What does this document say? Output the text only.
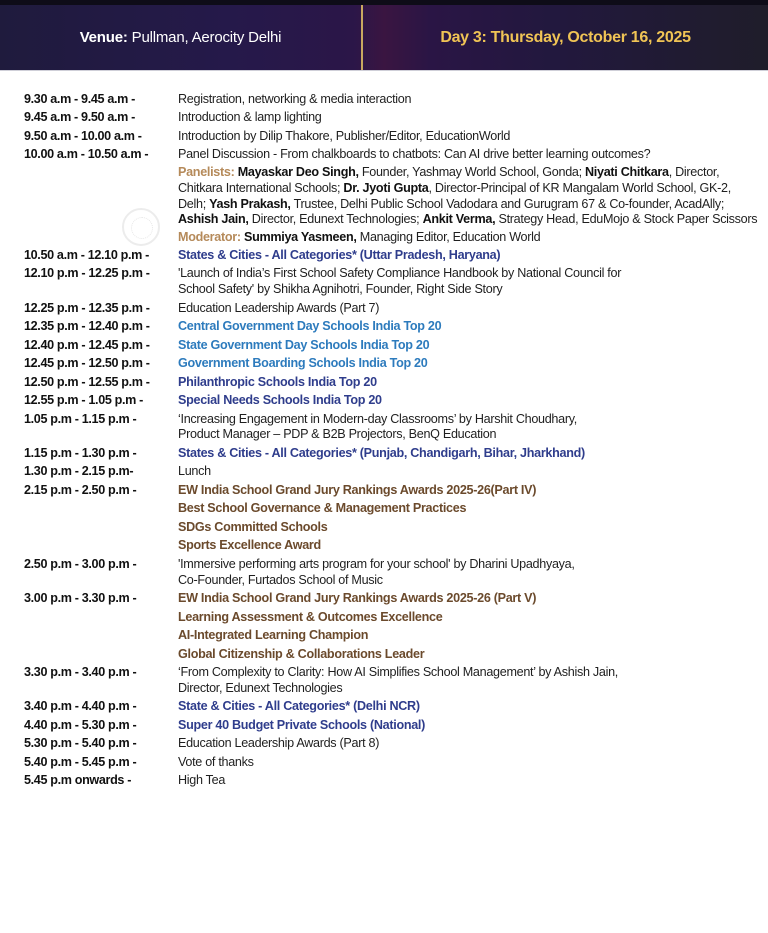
Venue: Pullman, Aerocity Delhi	Day 3: Thursday, October 16, 2025
9.30 a.m - 9.45 a.m -	Registration, networking & media interaction
9.45 a.m - 9.50 a.m -	Introduction & lamp lighting
9.50 a.m - 10.00 a.m -	Introduction by Dilip Thakore, Publisher/Editor, EducationWorld
10.00 a.m - 10.50 a.m -	Panel Discussion - From chalkboards to chatbots: Can AI drive better learning outcomes?
Panelists: Mayaskar Deo Singh, Founder, Yashmay World School, Gonda; Niyati Chitkara, Director, Chitkara International Schools; Dr. Jyoti Gupta, Director-Principal of KR Mangalam World School, GK-2, Delh; Yash Prakash, Trustee, Delhi Public School Vadodara and Gurugram 67 & Co-founder, AcadAlly; Ashish Jain, Director, Edunext Technologies; Ankit Verma, Strategy Head, EduMojo & Stock Paper Scissors
Moderator: Summiya Yasmeen, Managing Editor, Education World
10.50 a.m - 12.10 p.m -	States & Cities - All Categories* (Uttar Pradesh, Haryana)
12.10 p.m - 12.25 p.m -	'Launch of India’s First School Safety Compliance Handbook by National Council for
School Safety' by Shikha Agnihotri, Founder, Right Side Story
12.25 p.m - 12.35 p.m -	Education Leadership Awards (Part 7)
12.35 p.m - 12.40 p.m -	Central Government Day Schools India Top 20
12.40 p.m - 12.45 p.m -	State Government Day Schools India Top 20
12.45 p.m - 12.50 p.m -	Government Boarding Schools India Top 20
12.50 p.m - 12.55 p.m -	Philanthropic Schools India Top 20
12.55 p.m - 1.05 p.m -	Special Needs Schools India Top 20
1.05 p.m - 1.15 p.m -	‘Increasing Engagement in Modern-day Classrooms’ by Harshit Choudhary,
Product Manager – PDP & B2B Projectors, BenQ Education
1.15 p.m - 1.30 p.m -	States & Cities - All Categories* (Punjab, Chandigarh, Bihar, Jharkhand)
1.30 p.m - 2.15 p.m-	Lunch
2.15 p.m - 2.50 p.m -	EW India School Grand Jury Rankings Awards 2025-26(Part IV)
Best School Governance & Management Practices
SDGs Committed Schools
Sports Excellence Award
2.50 p.m - 3.00 p.m -	'Immersive performing arts program for your school' by Dharini Upadhyaya,
Co-Founder, Furtados School of Music
3.00 p.m - 3.30 p.m -	EW India School Grand Jury Rankings Awards 2025-26 (Part V)
Learning Assessment & Outcomes Excellence
AI-Integrated Learning Champion
Global Citizenship & Collaborations Leader
3.30 p.m - 3.40 p.m -	‘From Complexity to Clarity: How AI Simplifies School Management’ by Ashish Jain,
Director, Edunext Technologies
3.40 p.m - 4.40 p.m -	State & Cities - All Categories* (Delhi NCR)
4.40 p.m - 5.30 p.m -	Super 40 Budget Private Schools (National)
5.30 p.m - 5.40 p.m -	Education Leadership Awards (Part 8)
5.40 p.m - 5.45 p.m -	Vote of thanks
5.45 p.m onwards -	High Tea
